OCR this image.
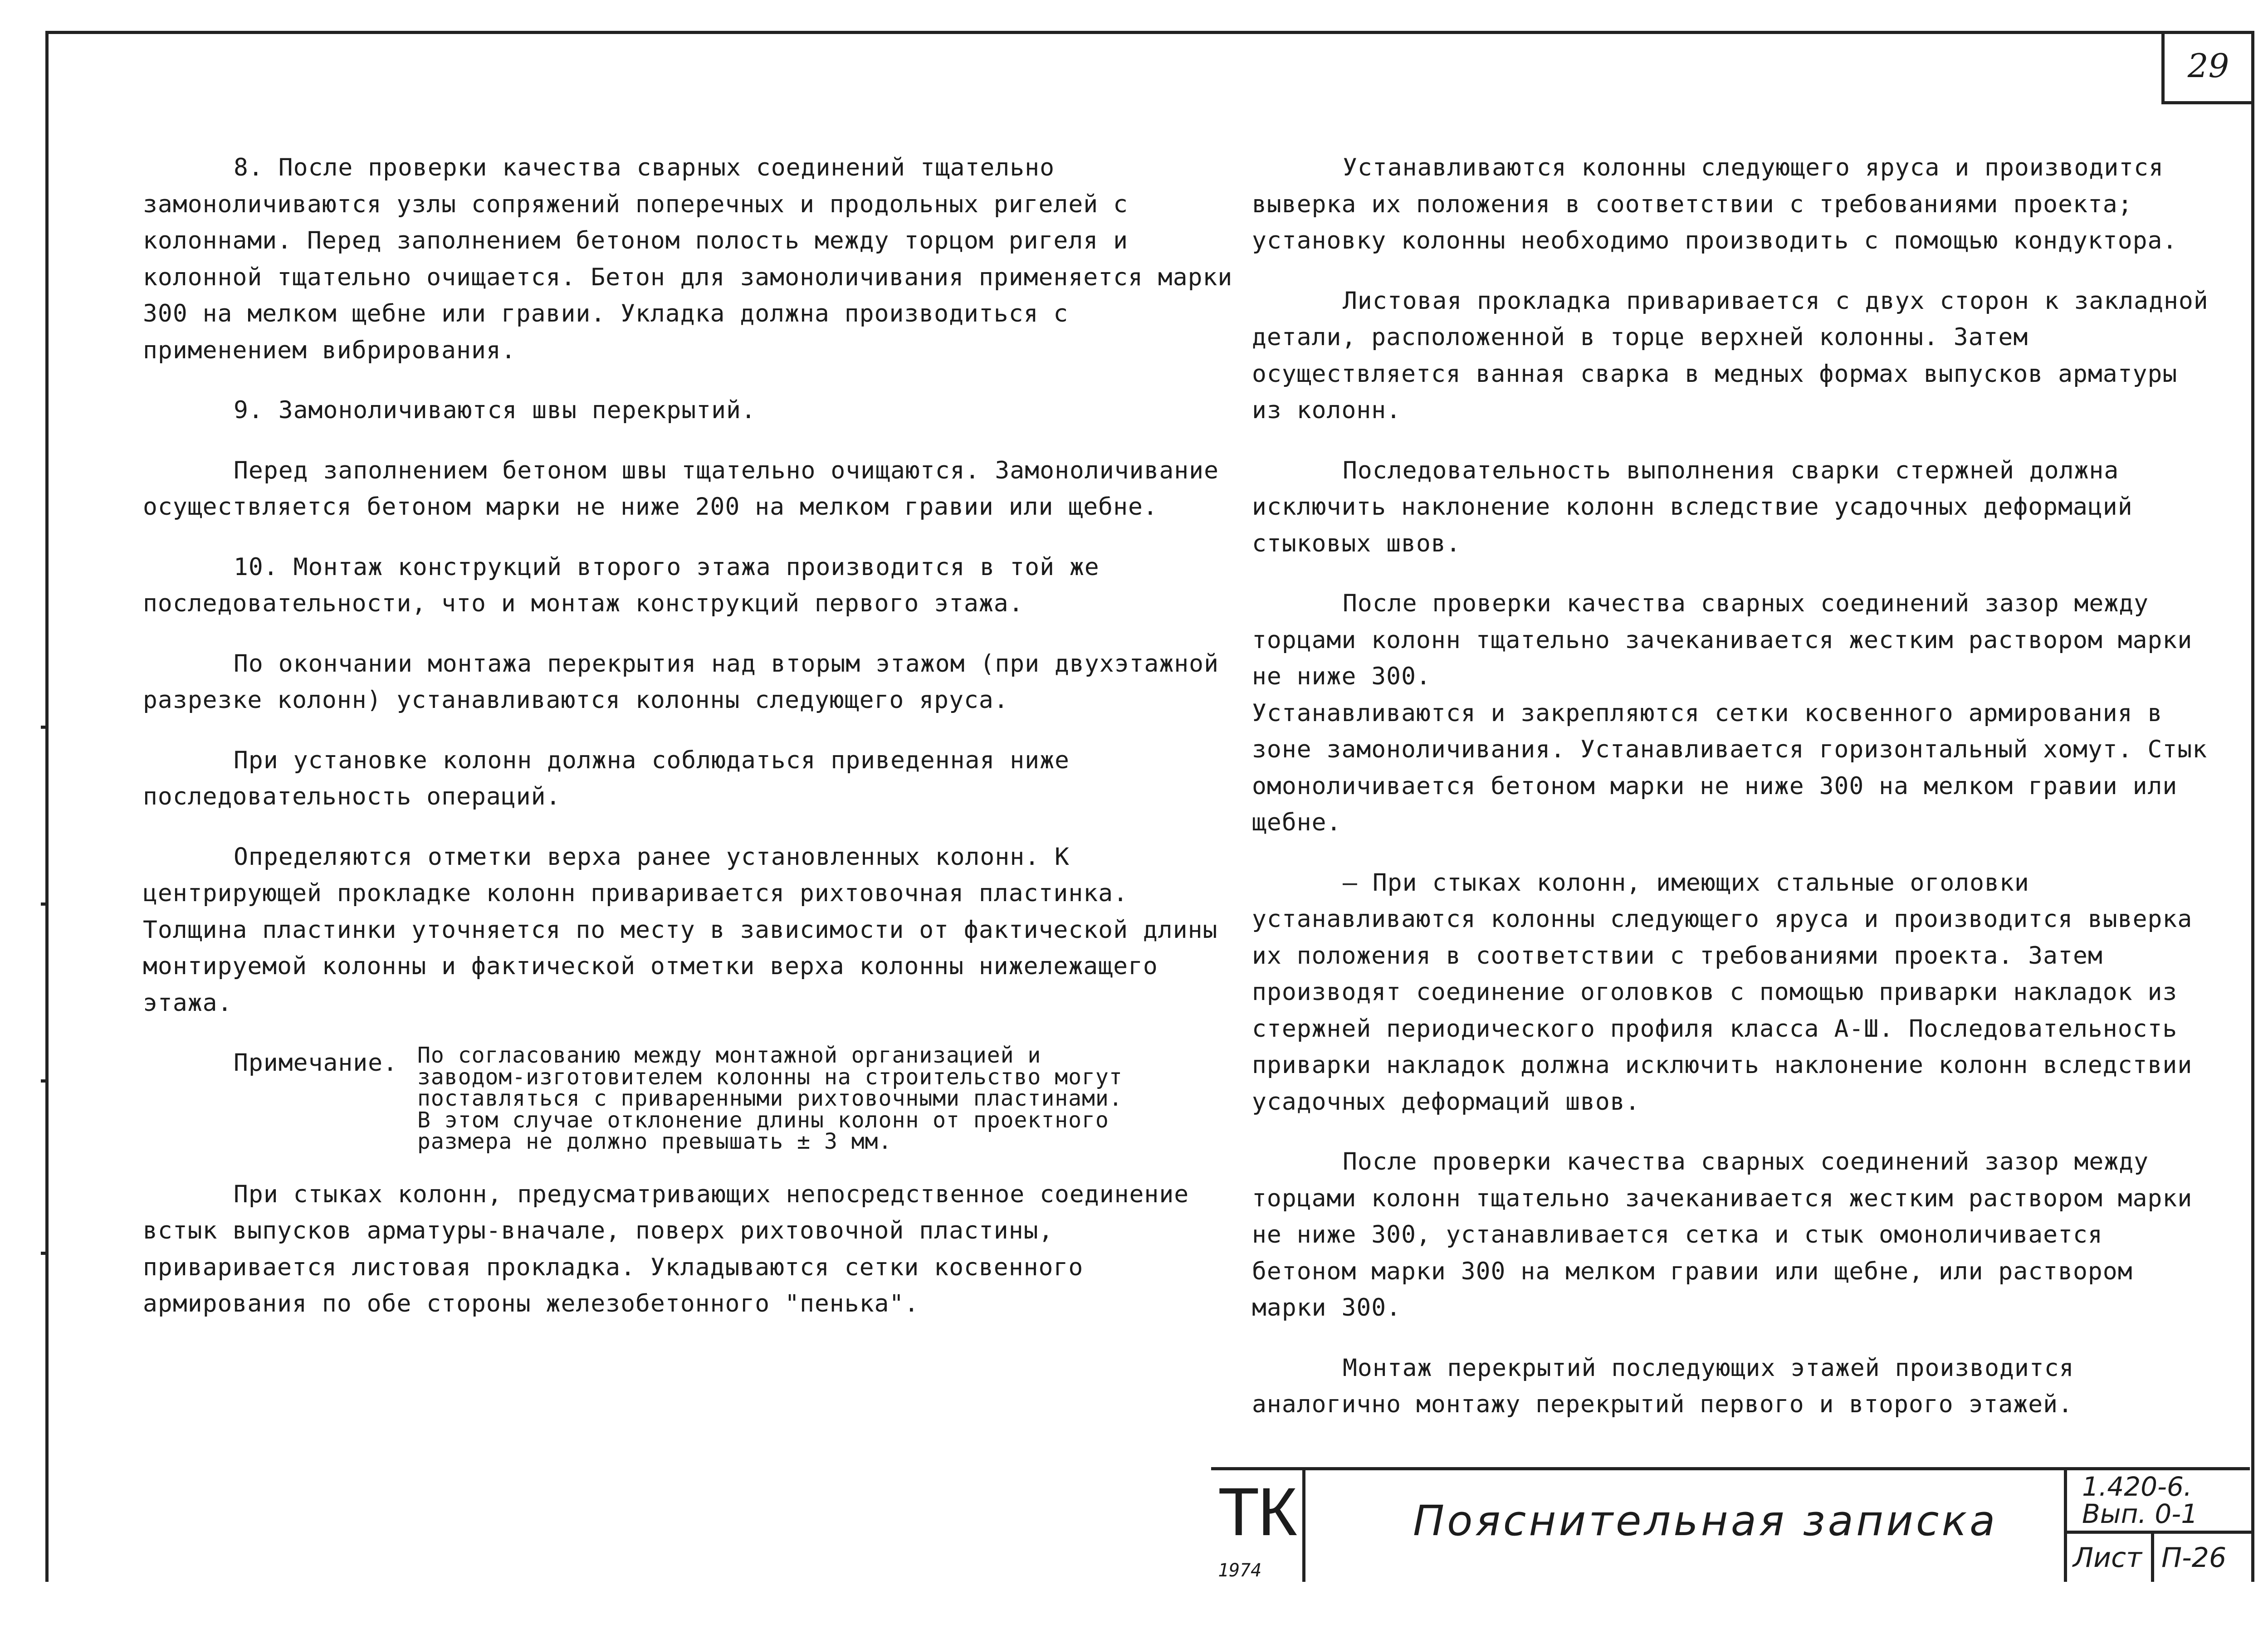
29

8. После проверки качества сварных соединений тщательно замоноличиваются узлы сопряжений поперечных и продольных ригелей с колоннами. Перед заполнением бетоном полость между торцом ригеля и колонной тщательно очищается. Бетон для замоноличивания применяется марки 300 на мелком щебне или гравии. Укладка должна производиться с применением вибрирования.

9. Замоноличиваются швы перекрытий.

Перед заполнением бетоном швы тщательно очищаются. Замоноличивание осуществляется бетоном марки не ниже 200 на мелком гравии или щебне.

10. Монтаж конструкций второго этажа производится в той же последовательности, что и монтаж конструкций первого этажа.

По окончании монтажа перекрытия над вторым этажом (при двухэтажной разрезке колонн) устанавливаются колонны следующего яруса.

При установке колонн должна соблюдаться приведенная ниже последовательность операций.

Определяются отметки верха ранее установленных колонн. К центрирующей прокладке колонн приваривается рихтовочная пластинка. Толщина пластинки уточняется по месту в зависимости от фактической длины монтируемой колонны и фактической отметки верха колонны нижележащего этажа.

Примечание. По согласованию между монтажной организацией и заводом-изготовителем колонны на строительство могут поставляться с приваренными рихтовочными пластинами. В этом случае отклонение длины колонн от проектного размера не должно превышать ± 3 мм.

При стыках колонн, предусматривающих непосредственное соединение встык выпусков арматуры-вначале, поверх рихтовочной пластины, приваривается листовая прокладка. Укладываются сетки косвенного армирования по обе стороны железобетонного "пенька".

Устанавливаются колонны следующего яруса и производится выверка их положения в соответствии с требованиями проекта; установку колонны необходимо производить с помощью кондуктора.

Листовая прокладка приваривается с двух сторон к закладной детали, расположенной в торце верхней колонны. Затем осуществляется ванная сварка в медных формах выпусков арматуры из колонн.

Последовательность выполнения сварки стержней должна исключить наклонение колонн вследствие усадочных деформаций стыковых швов.

После проверки качества сварных соединений зазор между торцами колонн тщательно зачеканивается жестким раствором марки не ниже 300.

Устанавливаются и закрепляются сетки косвенного армирования в зоне замоноличивания. Устанавливается горизонтальный хомут. Стык омоноличивается бетоном марки не ниже 300 на мелком гравии или щебне.

— При стыках колонн, имеющих стальные оголовки устанавливаются колонны следующего яруса и производится выверка их положения в соответствии с требованиями проекта. Затем производят соединение оголовков с помощью приварки накладок из стержней периодического профиля класса А-Ш. Последовательность приварки накладок должна исключить наклонение колонн вследствии усадочных деформаций швов.

После проверки качества сварных соединений зазор между торцами колонн тщательно зачеканивается жестким раствором марки не ниже 300, устанавливается сетка и стык омоноличивается бетоном марки 300 на мелком гравии или щебне, или раствором марки 300.

Монтаж перекрытий последующих этажей производится аналогично монтажу перекрытий первого и второго этажей.

ТК
1974
Пояснительная записка
1.420-6.
Вып. 0-1
Лист П-26
